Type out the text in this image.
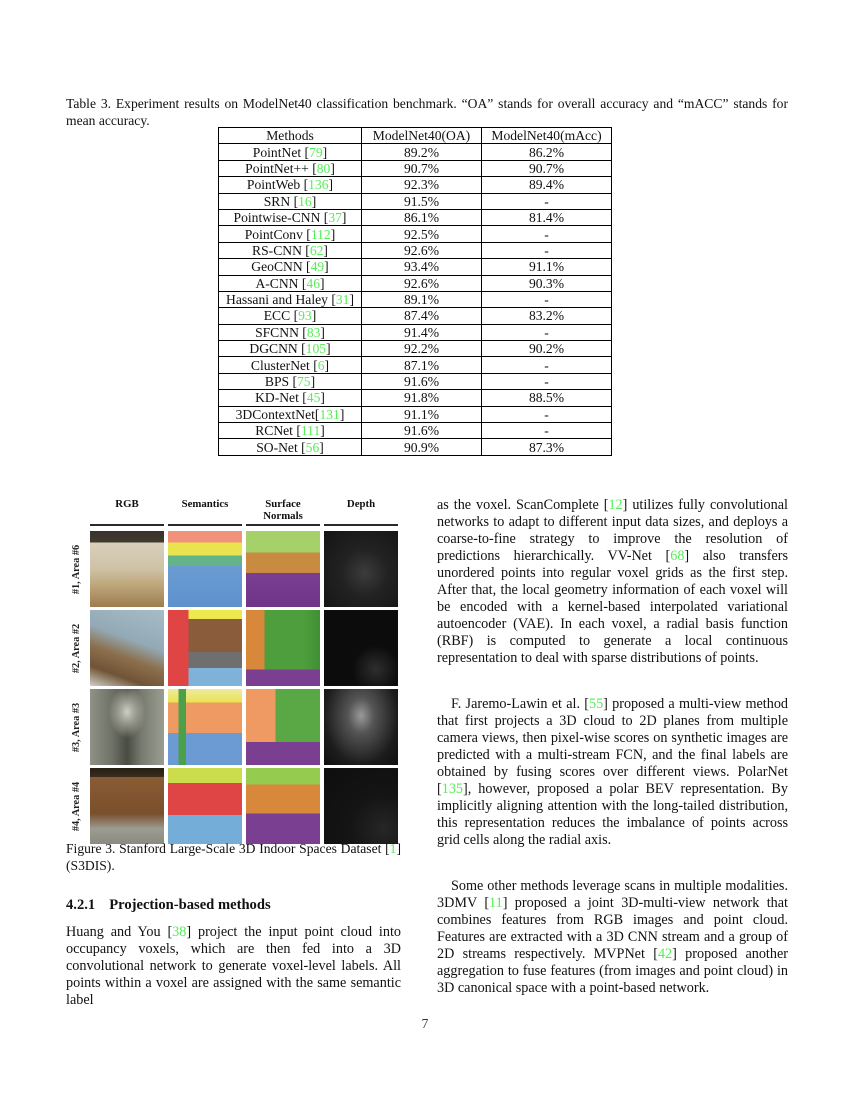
Table 3. Experiment results on ModelNet40 classification benchmark. “OA” stands for overall accuracy and “mACC” stands for mean accuracy.
Methods	ModelNet40(OA)	ModelNet40(mAcc)
PointNet [79]	89.2%	86.2%
PointNet++ [80]	90.7%	90.7%
PointWeb [136]	92.3%	89.4%
SRN [16]	91.5%	-
Pointwise-CNN [37]	86.1%	81.4%
PointConv [112]	92.5%	-
RS-CNN [62]	92.6%	-
GeoCNN [49]	93.4%	91.1%
A-CNN [46]	92.6%	90.3%
Hassani and Haley [31]	89.1%	-
ECC [93]	87.4%	83.2%
SFCNN [83]	91.4%	-
DGCNN [105]	92.2%	90.2%
ClusterNet [6]	87.1%	-
BPS [75]	91.6%	-
KD-Net [45]	91.8%	88.5%
3DContextNet[131]	91.1%	-
RCNet [111]	91.6%	-
SO-Net [56]	90.9%	87.3%
RGB	Semantics	Surface Normals
Depth
#1, Area #6
#2, Area #2
#3, Area #3
#4, Area #4
Figure 3. Stanford Large-Scale 3D Indoor Spaces Dataset [1] (S3DIS).
4.2.1 Projection-based methods
Huang and You [38] project the input point cloud into occupancy voxels, which are then fed into a 3D convolutional network to generate voxel-level labels. All points within a voxel are assigned with the same semantic label
as the voxel. ScanComplete [12] utilizes fully convolutional networks to adapt to different input data sizes, and deploys a coarse-to-fine strategy to improve the resolution of predictions hierarchically. VV-Net [68] also transfers unordered points into regular voxel grids as the first step. After that, the local geometry information of each voxel will be encoded with a kernel-based interpolated variational autoencoder (VAE). In each voxel, a radial basis function (RBF) is computed to generate a local continuous representation to deal with sparse distributions of points.
F. Jaremo-Lawin et al. [55] proposed a multi-view method that first projects a 3D cloud to 2D planes from multiple camera views, then pixel-wise scores on synthetic images are predicted with a multi-stream FCN, and the final labels are obtained by fusing scores over different views. PolarNet [135], however, proposed a polar BEV representation. By implicitly aligning attention with the long-tailed distribution, this representation reduces the imbalance of points across grid cells along the radial axis.
Some other methods leverage scans in multiple modalities. 3DMV [11] proposed a joint 3D-multi-view network that combines features from RGB images and point cloud. Features are extracted with a 3D CNN stream and a group of 2D streams respectively. MVPNet [42] proposed another aggregation to fuse features (from images and point cloud) in 3D canonical space with a point-based network.
7
